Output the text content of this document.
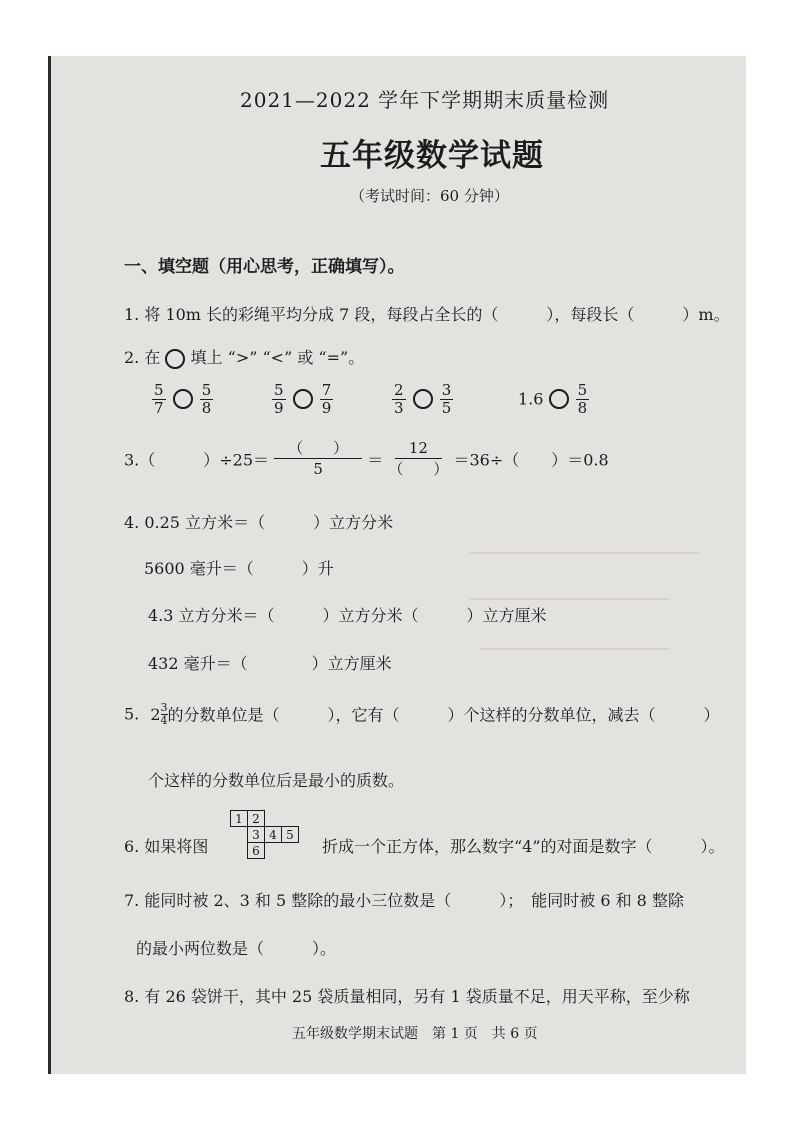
2021—2022 学年下学期期末质量检测
五年级数学试题
（考试时间：60 分钟）
一、填空题（用心思考，正确填写）。
1. 将 10m 长的彩绳平均分成 7 段，每段占全长的（　　　），每段长（　　　）m。
2. 在 填上 “>” “<” 或 “=”。
$\frac{5}{7}$
$\frac{5}{8}$	$\frac{5}{9}$
$\frac{7}{9}$	$\frac{2}{3}$
$\frac{3}{5}$	$1.6 \frac{5}{8}$
3.（　　　）÷25＝
（　　）
5	＝
12
（　　） ＝36÷（　　）＝0.8
4. 0.25 立方米＝（　　　）立方分米
5600 毫升＝（　　　）升
4.3 立方分米＝（　　　）立方分米（　　　）立方厘米
432 毫升＝（　　　　）立方厘米
5. $2 \frac{3}{4}$ 的分数单位是（　　　），它有（　　　）个这样的分数单位，减去（　　　）
个这样的分数单位后是最小的质数。
6. 如果将图
1 2
3 4 5
6	折成一个正方体，那么数字“4”的对面是数字（　　　）。
7. 能同时被 2、3 和 5 整除的最小三位数是（　　　）；　能同时被 6 和 8 整除
的最小两位数是（　　　）。
8. 有 26 袋饼干，其中 25 袋质量相同，另有 1 袋质量不足，用天平称，至少称
五年级数学期末试题　第 1 页　共 6 页
